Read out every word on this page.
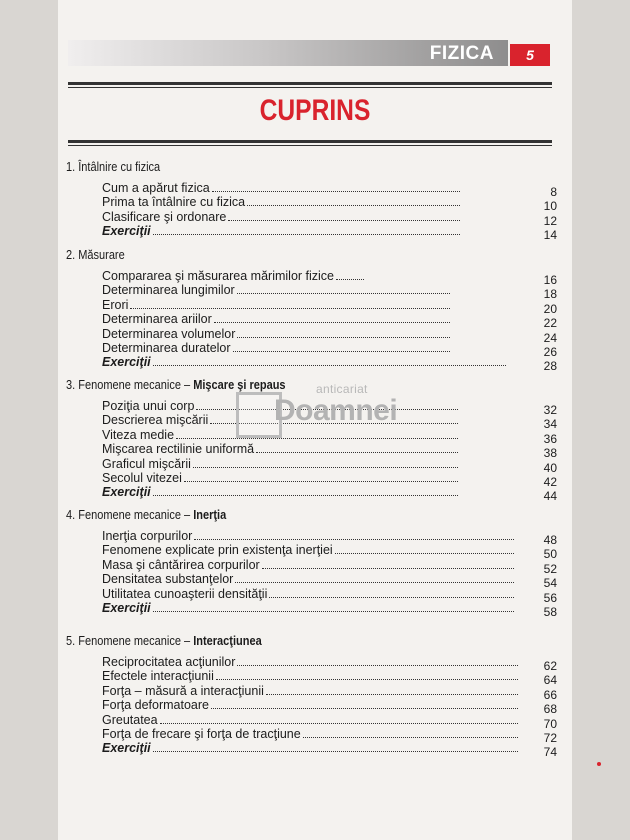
FIZICA	5
CUPRINS
1. Întâlnire cu fizica
Cum a apărut fizica	8
Prima ta întâlnire cu fizica	10
Clasificare şi ordonare	12
Exerciţii	14
2. Măsurare
Compararea şi măsurarea mărimilor fizice	16
Determinarea lungimilor	18
Erori	20
Determinarea ariilor	22
Determinarea volumelor	24
Determinarea duratelor	26
Exerciţii	28
3. Fenomene mecanice – Mişcare şi repaus
Poziţia unui corp	32
Descrierea mişcării	34
Viteza medie	36
Mişcarea rectilinie uniformă	38
Graficul mişcării	40
Secolul vitezei	42
Exerciţii	44
4. Fenomene mecanice – Inerţia
Inerţia corpurilor	48
Fenomene explicate prin existenţa inerţiei	50
Masa şi cântărirea corpurilor	52
Densitatea substanţelor	54
Utilitatea cunoaşterii densităţii	56
Exerciţii	58
5. Fenomene mecanice – Interacţiunea
Reciprocitatea acţiunilor	62
Efectele interacţiunii	64
Forţa – măsură a interacţiunii	66
Forţa deformatoare	68
Greutatea	70
Forţa de frecare şi forţa de tracţiune	72
Exerciţii	74
anticariat
Doamnei
